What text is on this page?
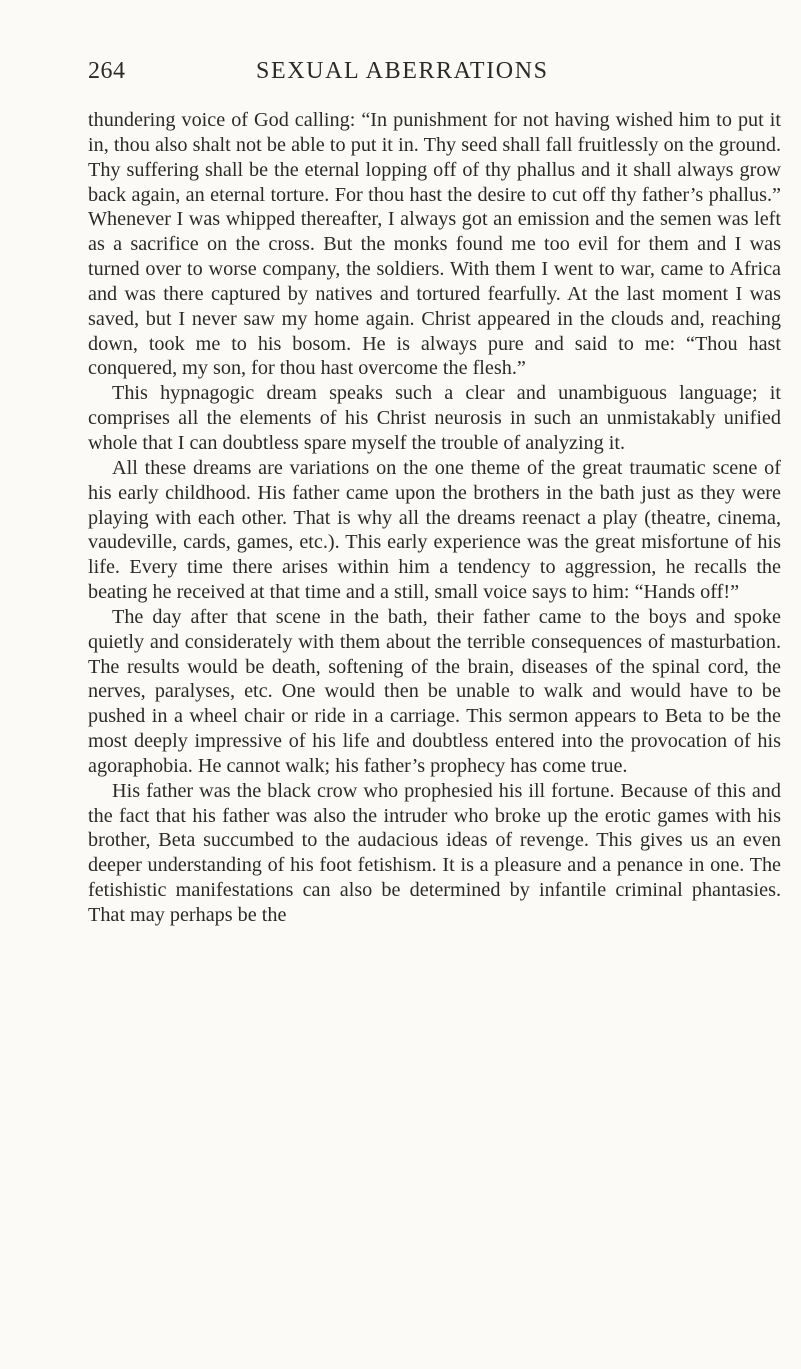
264	SEXUAL ABERRATIONS

thundering voice of God calling: “In punishment for not having wished him to put it in, thou also shalt not be able to put it in. Thy seed shall fall fruitlessly on the ground. Thy suffering shall be the eternal lopping off of thy phallus and it shall always grow back again, an eternal torture. For thou hast the desire to cut off thy father’s phallus.” Whenever I was whipped thereafter, I always got an emission and the semen was left as a sacrifice on the cross. But the monks found me too evil for them and I was turned over to worse company, the soldiers. With them I went to war, came to Africa and was there captured by natives and tortured fearfully. At the last moment I was saved, but I never saw my home again. Christ appeared in the clouds and, reaching down, took me to his bosom. He is always pure and said to me: “Thou hast conquered, my son, for thou hast overcome the flesh.”

This hypnagogic dream speaks such a clear and unambiguous language; it comprises all the elements of his Christ neurosis in such an unmistakably unified whole that I can doubtless spare myself the trouble of analyzing it.

All these dreams are variations on the one theme of the great traumatic scene of his early childhood. His father came upon the brothers in the bath just as they were playing with each other. That is why all the dreams reenact a play (theatre, cinema, vaudeville, cards, games, etc.). This early experience was the great misfortune of his life. Every time there arises within him a tendency to aggression, he recalls the beating he received at that time and a still, small voice says to him: “Hands off!”

The day after that scene in the bath, their father came to the boys and spoke quietly and considerately with them about the terrible consequences of masturbation. The results would be death, softening of the brain, diseases of the spinal cord, the nerves, paralyses, etc. One would then be unable to walk and would have to be pushed in a wheel chair or ride in a carriage. This sermon appears to Beta to be the most deeply impressive of his life and doubtless entered into the provocation of his agoraphobia. He cannot walk; his father’s prophecy has come true.

His father was the black crow who prophesied his ill fortune. Because of this and the fact that his father was also the intruder who broke up the erotic games with his brother, Beta succumbed to the audacious ideas of revenge. This gives us an even deeper understanding of his foot fetishism. It is a pleasure and a penance in one. The fetishistic manifestations can also be determined by infantile criminal phantasies. That may perhaps be the
